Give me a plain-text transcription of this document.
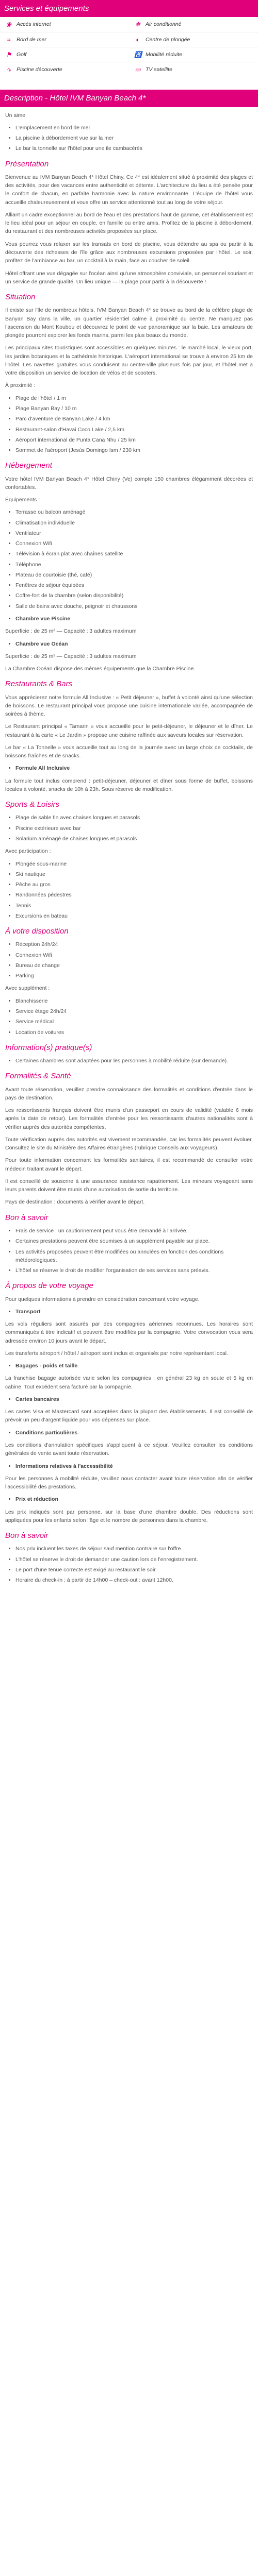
Services et équipements
◉ Accès internet	✻ Air conditionné
≈	Bord de mer	◐	Centre de plongée
⚑ Golf	♿ Mobilité réduite
∿ Piscine découverte	▭ TV satellite
Description - Hôtel IVM Banyan Beach 4*

Un aime

• L'emplacement en bord de mer
• La piscine à débordement vue sur la mer
• Le bar la tonnelle sur l'hôtel pour une ile cambacérès
Présentation

Bienvenue au IVM Banyan Beach 4* Hôtel Chiny, Ce 4* est idéalement situé à proximité des plages et des activités, pour des vacances entre authenticité et détente. L'architecture du lieu a été pensée pour le confort de chacun, en parfaite harmonie avec la nature environnante. L'équipe de l'hôtel vous accueille chaleureusement et vous offre un service attentionné tout au long de votre séjour.

Alliant un cadre exceptionnel au bord de l'eau et des prestations haut de gamme, cet établissement est le lieu idéal pour un séjour en couple, en famille ou entre amis. Profitez de la piscine à débordement, du restaurant et des nombreuses activités proposées sur place.

Vous pourrez vous relaxer sur les transats en bord de piscine, vous détendre au spa ou partir à la découverte des richesses de l'île grâce aux nombreuses excursions proposées par l'hôtel. Le soir, profitez de l'ambiance au bar, un cocktail à la main, face au coucher de soleil.

Hôtel offrant une vue dégagée sur l'océan ainsi qu'une atmosphère conviviale, un personnel souriant et un service de grande qualité. Un lieu unique — la plage pour partir à la découverte !

Situation

Il existe sur l'île de nombreux hôtels, IVM Banyan Beach 4* se trouve au bord de la célèbre plage de Banyan Bay dans la ville, un quartier résidentiel calme à proximité du centre. Ne manquez pas l'ascension du Mont Koubou et découvrez le point de vue panoramique sur la baie. Les amateurs de plongée pourront explorer les fonds marins, parmi les plus beaux du monde.

Les principaux sites touristiques sont accessibles en quelques minutes : le marché local, le vieux port, les jardins botaniques et la cathédrale historique. L'aéroport international se trouve à environ 25 km de l'hôtel. Les navettes gratuites vous conduisent au centre-ville plusieurs fois par jour, et l'hôtel met à votre disposition un service de location de vélos et de scooters.

À proximité :

• Plage de l'hôtel / 1 m
• Plage Banyan Bay / 10 m
• Parc d'aventure de Banyan Lake / 4 km
• Restaurant-salon d'Havai Coco Lake / 2,5 km
• Aéroport international de Punta Cana Nhu / 25 km
• Sommet de l'aéroport (Jesús Domingo Ism / 230 km
Hébergement

Votre hôtel IVM Banyan Beach 4* Hôtel Chiny (Ve) compte 150 chambres élégamment décorées et confortables.

Équipements :

• Terrasse ou balcon aménagé
• Climatisation individuelle
• Ventilateur
• Connexion Wifi
• Télévision à écran plat avec chaînes satellite
• Téléphone
• Plateau de courtoisie (thé, café)
• Fenêtres de séjour équipées
• Coffre-fort de la chambre (selon disponibilité)
• Salle de bains avec douche, peignoir et chaussons
• Chambre vue Piscine

Superficie : de 25 m² — Capacité : 3 adultes maximum

• Chambre vue Océan

Superficie : de 25 m² — Capacité : 3 adultes maximum

La Chambre Océan dispose des mêmes équipements que la Chambre Piscine.

Restaurants & Bars

Vous apprécierez notre formule All Inclusive : « Petit déjeuner », buffet à volonté ainsi qu'une sélection de boissons. Le restaurant principal vous propose une cuisine internationale variée, accompagnée de soirées à thème.

Le Restaurant principal « Tamarin » vous accueille pour le petit-déjeuner, le déjeuner et le dîner. Le restaurant à la carte « Le Jardin » propose une cuisine raffinée aux saveurs locales sur réservation.

Le bar « La Tonnelle » vous accueille tout au long de la journée avec un large choix de cocktails, de boissons fraîches et de snacks.

• Formule All Inclusive

La formule tout inclus comprend : petit-déjeuner, déjeuner et dîner sous forme de buffet, boissons locales à volonté, snacks de 10h à 23h. Sous réserve de modification.

Sports & Loisirs
• Plage de sable fin avec chaises longues et parasols
• Piscine extérieure avec bar
• Solarium aménagé de chaises longues et parasols

Avec participation :

• Plongée sous-marine
• Ski nautique
• Pêche au gros
• Randonnées pédestres
• Tennis
• Excursions en bateau
À votre disposition
• Réception 24h/24
• Connexion Wifi
• Bureau de change
• Parking

Avec supplément :

• Blanchisserie
• Service étage 24h/24
• Service médical
• Location de voitures
Information(s) pratique(s)
• Certaines chambres sont adaptées pour les personnes à mobilité réduite (sur demande).
Formalités & Santé

Avant toute réservation, veuillez prendre connaissance des formalités et conditions d'entrée dans le pays de destination.

Les ressortissants français doivent être munis d'un passeport en cours de validité (valable 6 mois après la date de retour). Les formalités d'entrée pour les ressortissants d'autres nationalités sont à vérifier auprès des autorités compétentes.

Toute vérification auprès des autorités est vivement recommandée, car les formalités peuvent évoluer. Consultez le site du Ministère des Affaires étrangères (rubrique Conseils aux voyageurs).

Pour toute information concernant les formalités sanitaires, il est recommandé de consulter votre médecin traitant avant le départ.

Il est conseillé de souscrire à une assurance assistance rapatriement. Les mineurs voyageant sans leurs parents doivent être munis d'une autorisation de sortie du territoire.

Pays de destination : documents à vérifier avant le départ.

Bon à savoir
• Frais de service : un cautionnement peut vous être demandé à l'arrivée.
• Certaines prestations peuvent être soumises à un supplément payable sur place.
• Les activités proposées peuvent être modifiées ou annulées en fonction des conditions météorologiques.
• L'hôtel se réserve le droit de modifier l'organisation de ses services sans préavis.
À propos de votre voyage

Pour quelques informations à prendre en considération concernant votre voyage.

• Transport

Les vols réguliers sont assurés par des compagnies aériennes reconnues. Les horaires sont communiqués à titre indicatif et peuvent être modifiés par la compagnie. Votre convocation vous sera adressée environ 10 jours avant le départ.

Les transferts aéroport / hôtel / aéroport sont inclus et organisés par notre représentant local.

• Bagages - poids et taille

La franchise bagage autorisée varie selon les compagnies : en général 23 kg en soute et 5 kg en cabine. Tout excédent sera facturé par la compagnie.

• Cartes bancaires

Les cartes Visa et Mastercard sont acceptées dans la plupart des établissements. Il est conseillé de prévoir un peu d'argent liquide pour vos dépenses sur place.

• Conditions particulières

Les conditions d'annulation spécifiques s'appliquent à ce séjour. Veuillez consulter les conditions générales de vente avant toute réservation.

• Informations relatives à l'accessibilité

Pour les personnes à mobilité réduite, veuillez nous contacter avant toute réservation afin de vérifier l'accessibilité des prestations.

• Prix et réduction

Les prix indiqués sont par personne, sur la base d'une chambre double. Des réductions sont appliquées pour les enfants selon l'âge et le nombre de personnes dans la chambre.

Bon à savoir
• Nos prix incluent les taxes de séjour sauf mention contraire sur l'offre.
• L'hôtel se réserve le droit de demander une caution lors de l'enregistrement.
• Le port d'une tenue correcte est exigé au restaurant le soir.
• Horaire du check-in : à partir de 14h00 – check-out : avant 12h00.
